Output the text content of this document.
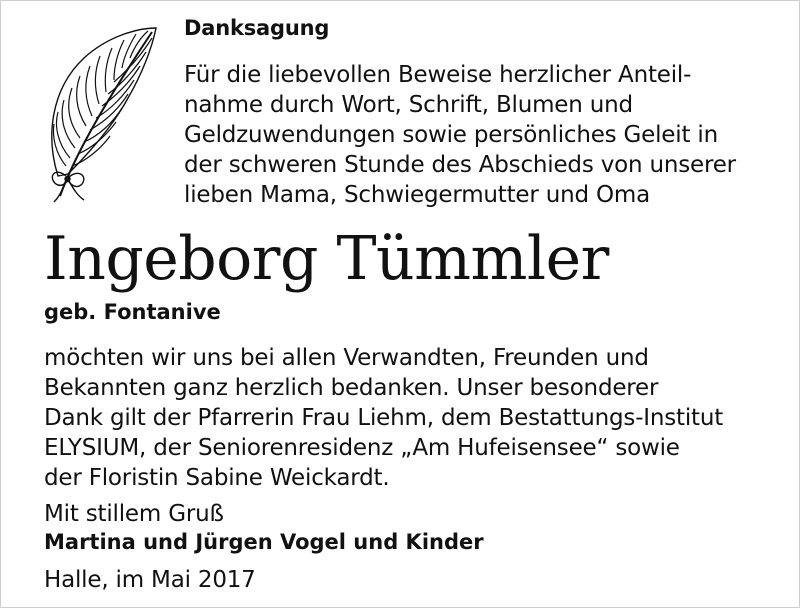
Danksagung
Für die liebevollen Beweise herzlicher Anteil-
nahme durch Wort, Schrift, Blumen und
Geldzuwendungen sowie persönliches Geleit in
der schweren Stunde des Abschieds von unserer
lieben Mama, Schwiegermutter und Oma
Ingeborg Tümmler
geb. Fontanive
möchten wir uns bei allen Verwandten, Freunden und
Bekannten ganz herzlich bedanken. Unser besonderer
Dank gilt der Pfarrerin Frau Liehm, dem Bestattungs-Institut
ELYSIUM, der Seniorenresidenz „Am Hufeisensee“ sowie
der Floristin Sabine Weickardt.
Mit stillem Gruß
Martina und Jürgen Vogel und Kinder
Halle, im Mai 2017
